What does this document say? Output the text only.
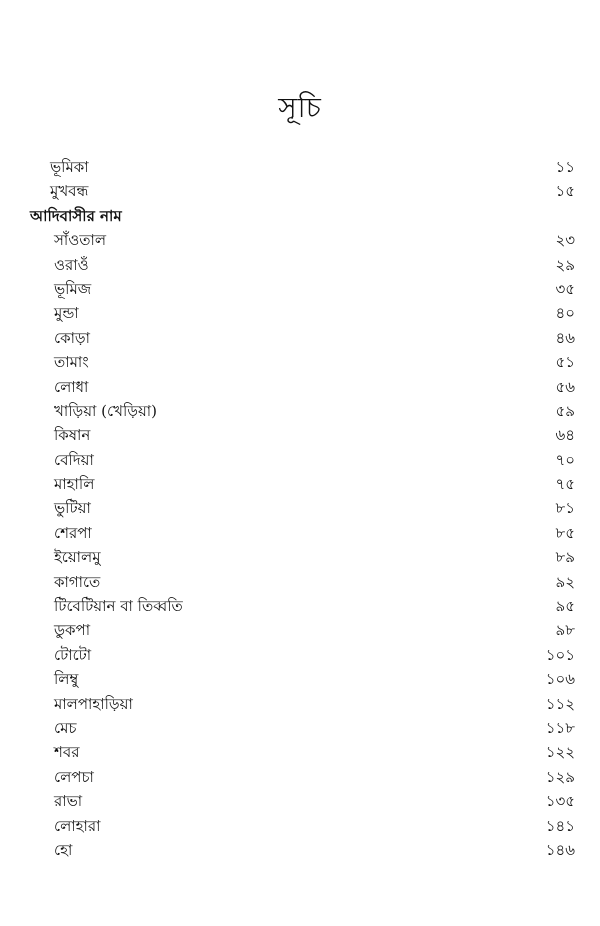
সূচি
ভূমিকা	১১
মুখবন্ধ	১৫
আদিবাসীর নাম
সাঁওতাল	২৩
ওরাওঁ	২৯
ভূমিজ	৩৫
মুন্ডা	৪০
কোড়া	৪৬
তামাং	৫১
লোধা	৫৬
খাড়িয়া (খেড়িয়া)	৫৯
কিষান	৬৪
বেদিয়া	৭০
মাহালি	৭৫
ভুটিয়া	৮১
শেরপা	৮৫
ইয়োলমু	৮৯
কাগাতে	৯২
টিবেটিয়ান বা তিব্বতি	৯৫
ডুকপা	৯৮
টোটো	১০১
লিম্বু	১০৬
মালপাহাড়িয়া	১১২
মেচ	১১৮
শবর	১২২
লেপচা	১২৯
রাভা	১৩৫
লোহারা	১৪১
হো	১৪৬
